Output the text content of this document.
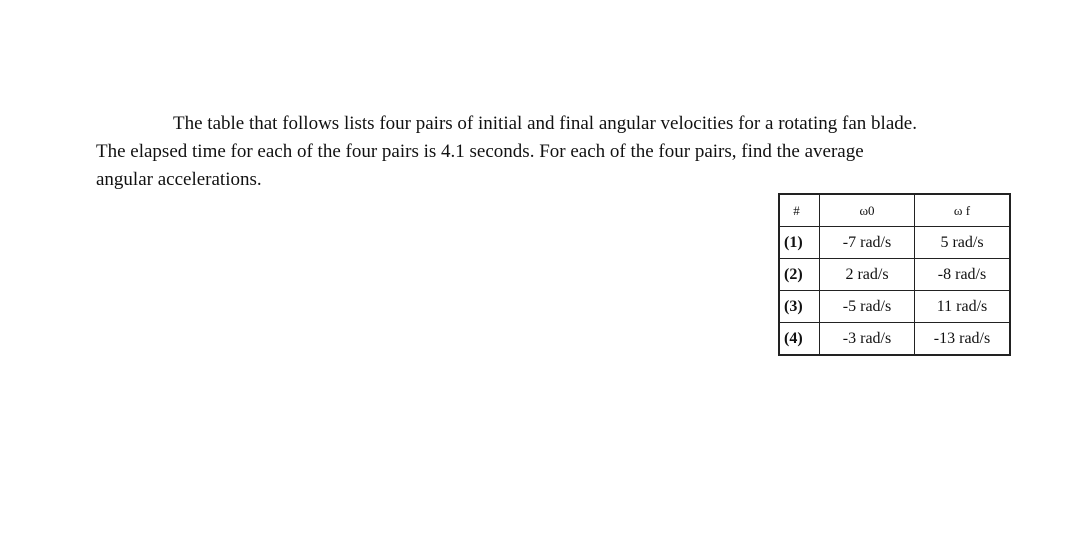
The table that follows lists four pairs of initial and final angular velocities for a rotating fan blade.
The elapsed time for each of the four pairs is 4.1 seconds. For each of the four pairs, find the average
angular accelerations.

#	ω0	ω f
(1)	-7 rad/s	5 rad/s
(2)	2 rad/s	-8 rad/s
(3)	-5 rad/s	11 rad/s
(4)	-3 rad/s	-13 rad/s
